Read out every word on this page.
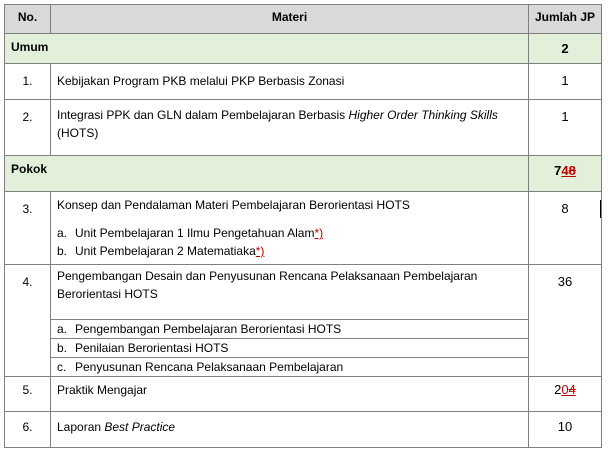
No.	Materi	Jumlah JP

Umum		2

1.	Kebijakan Program PKB melalui PKP Berbasis Zonasi	1

2.	Integrasi PPK dan GLN dalam Pembelajaran Berbasis Higher Order Thinking Skills (HOTS)	1

Pokok		748

3.	Konsep dan Pendalaman Materi Pembelajaran Berorientasi HOTS
a. Unit Pembelajaran 1 Ilmu Pengetahuan Alam*)
b. Unit Pembelajaran 2 Matematiaka*)	8

4.	Pengembangan Desain dan Penyusunan Rencana Pelaksanaan Pembelajaran Berorientasi HOTS	36

	a. Pengembangan Pembelajaran Berorientasi HOTS	

	b. Penilaian Berorientasi HOTS	

	c. Penyusunan Rencana Pelaksanaan Pembelajaran	

5.	Praktik Mengajar	204

6.	Laporan Best Practice	10
